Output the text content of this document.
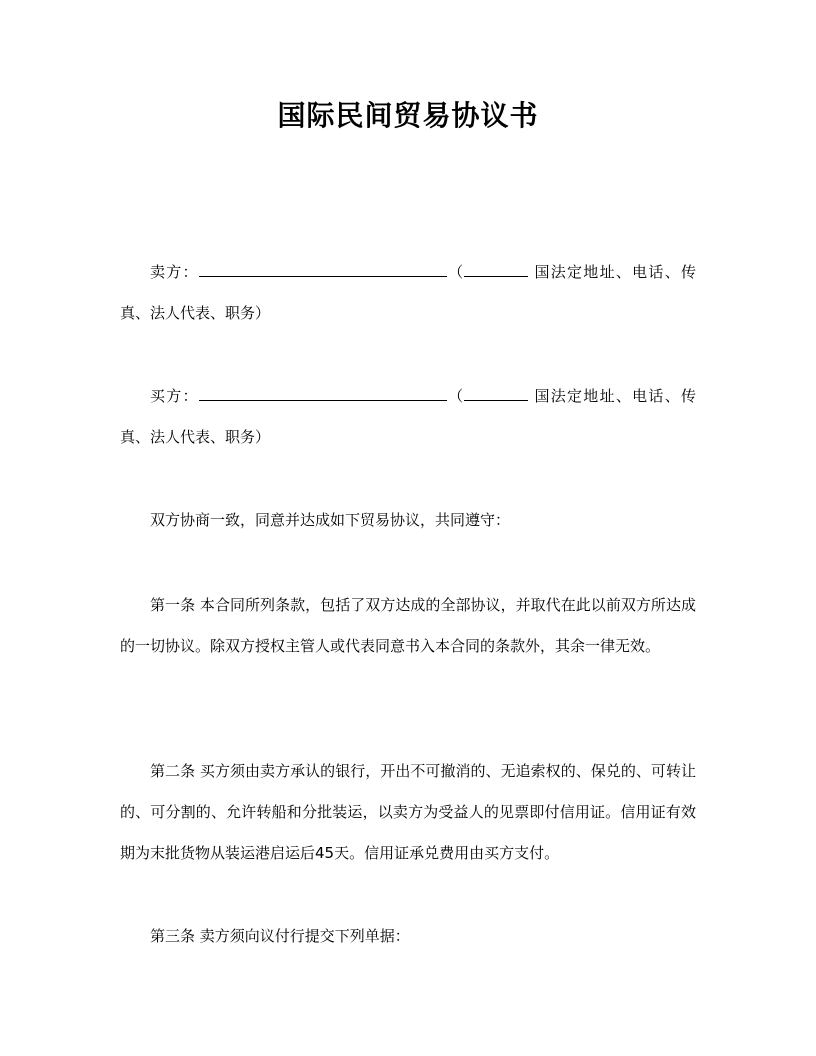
国际民间贸易协议书
卖方：	（	国法定地址、电话、传真、法人代表、职务）
买方：	（	国法定地址、电话、传真、法人代表、职务）
双方协商一致，同意并达成如下贸易协议，共同遵守：
第一条 本合同所列条款，包括了双方达成的全部协议，并取代在此以前双方所达成的一切协议。除双方授权主管人或代表同意书入本合同的条款外，其余一律无效。
第二条 买方须由卖方承认的银行，开出不可撤消的、无追索权的、保兑的、可转让的、可分割的、允许转船和分批装运，以卖方为受益人的见票即付信用证。信用证有效期为末批货物从装运港启运后45天。信用证承兑费用由买方支付。
第三条 卖方须向议付行提交下列单据：
